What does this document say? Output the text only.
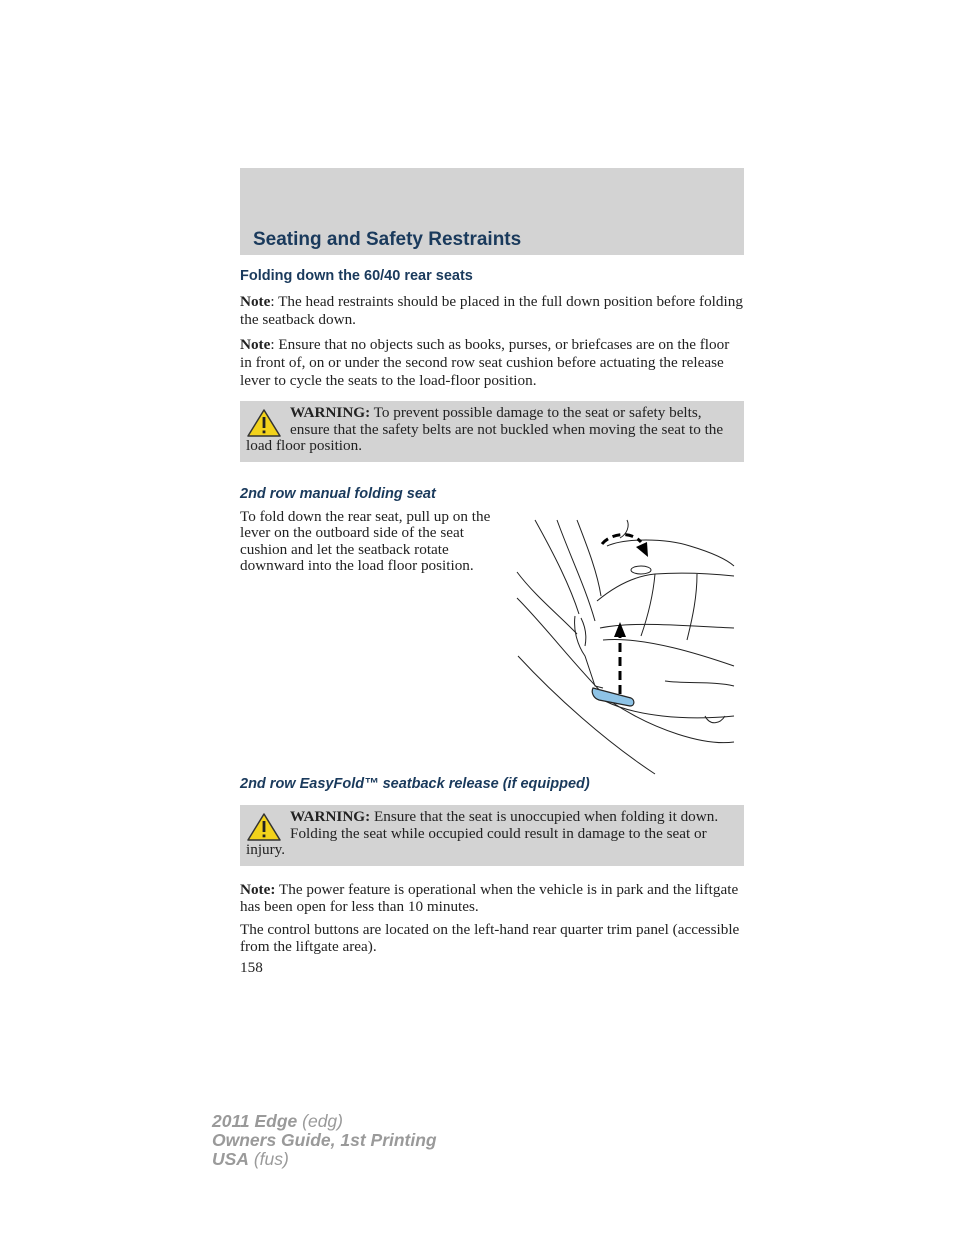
Seating and Safety Restraints
Folding down the 60/40 rear seats

Note: The head restraints should be placed in the full down position before folding the seatback down.

Note: Ensure that no objects such as books, purses, or briefcases are on the floor in front of, on or under the second row seat cushion before actuating the release lever to cycle the seats to the load-floor position.

WARNING: To prevent possible damage to the seat or safety belts, ensure that the safety belts are not buckled when moving the seat to the load floor position.
2nd row manual folding seat

To fold down the rear seat, pull up on the lever on the outboard side of the seat cushion and let the seatback rotate downward into the load floor position.

2nd row EasyFold™ seatback release (if equipped)
WARNING: Ensure that the seat is unoccupied when folding it down. Folding the seat while occupied could result in damage to the seat or injury.

Note: The power feature is operational when the vehicle is in park and the liftgate has been open for less than 10 minutes.

The control buttons are located on the left-hand rear quarter trim panel (accessible from the liftgate area).

158

2011 Edge (edg)
Owners Guide, 1st Printing
USA (fus)
